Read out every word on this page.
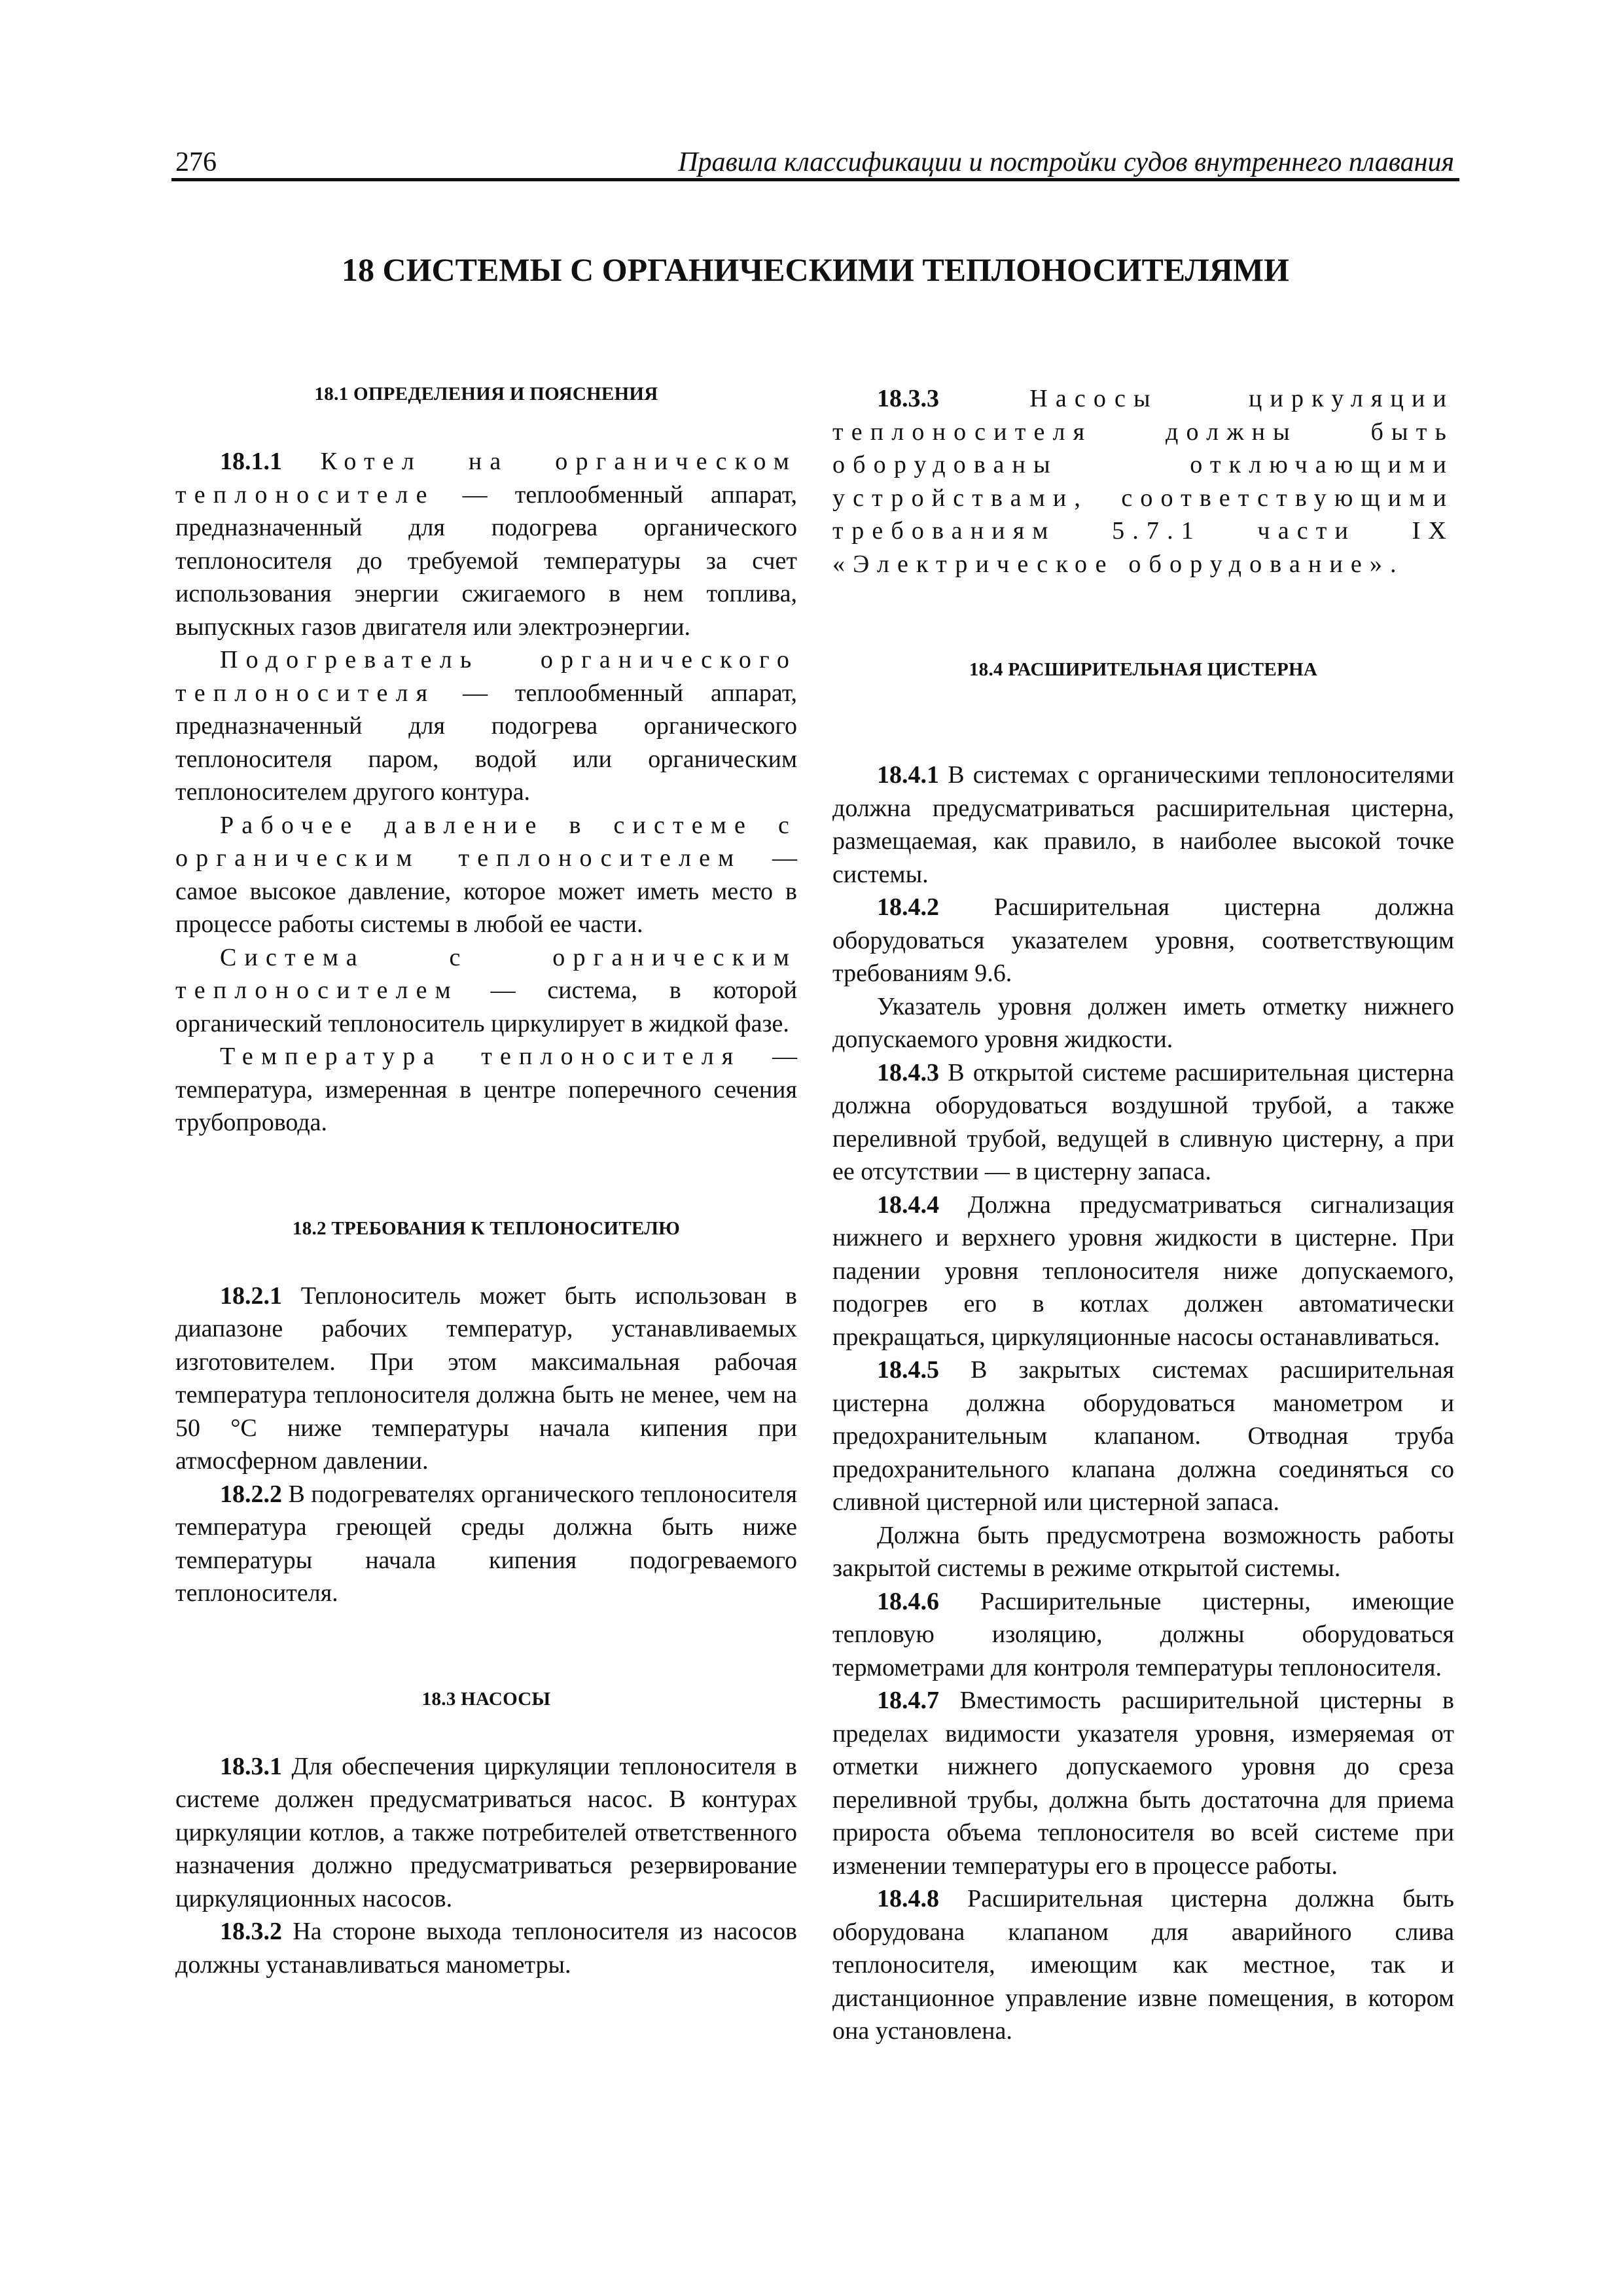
276	Правила классификации и постройки судов внутреннего плавания
18 СИСТЕМЫ С ОРГАНИЧЕСКИМИ ТЕПЛОНОСИТЕЛЯМИ
18.1 ОПРЕДЕЛЕНИЯ И ПОЯСНЕНИЯ

18.1.1 Котел на органическом теплоносителе — теплообменный аппарат, предназначенный для подогрева органического теплоносителя до требуемой температуры за счет использования энергии сжигаемого в нем топлива, выпускных газов двигателя или электроэнергии.

Подогреватель органического теплоносителя — теплообменный аппарат, предназначенный для подогрева органического теплоносителя паром, водой или органическим теплоносителем другого контура.

Рабочее давление в системе с органическим теплоносителем — самое высокое давление, которое может иметь место в процессе работы системы в любой ее части.

Система с органическим теплоносителем — система, в которой органический теплоноситель циркулирует в жидкой фазе.

Температура теплоносителя — температура, измеренная в центре поперечного сечения трубопровода.

18.2 ТРЕБОВАНИЯ К ТЕПЛОНОСИТЕЛЮ

18.2.1 Теплоноситель может быть использован в диапазоне рабочих температур, устанавливаемых изготовителем. При этом максимальная рабочая температура теплоносителя должна быть не менее, чем на 50 °С ниже температуры начала кипения при атмосферном давлении.

18.2.2 В подогревателях органического теплоносителя температура греющей среды должна быть ниже температуры начала кипения подогреваемого теплоносителя.

18.3 НАСОСЫ

18.3.1 Для обеспечения циркуляции теплоносителя в системе должен предусматриваться насос. В контурах циркуляции котлов, а также потребителей ответственного назначения должно предусматриваться резервирование циркуляционных насосов.

18.3.2 На стороне выхода теплоносителя из насосов должны устанавливаться манометры.

18.3.3 Насосы циркуляции теплоносителя должны быть оборудованы отключающими устройствами, соответствующими требованиям 5.7.1 части IX «Электрическое оборудование».

18.4 РАСШИРИТЕЛЬНАЯ ЦИСТЕРНА

18.4.1 В системах с органическими теплоносителями должна предусматриваться расширительная цистерна, размещаемая, как правило, в наиболее высокой точке системы.

18.4.2 Расширительная цистерна должна оборудоваться указателем уровня, соответствующим требованиям 9.6.

Указатель уровня должен иметь отметку нижнего допускаемого уровня жидкости.

18.4.3 В открытой системе расширительная цистерна должна оборудоваться воздушной трубой, а также переливной трубой, ведущей в сливную цистерну, а при ее отсутствии — в цистерну запаса.

18.4.4 Должна предусматриваться сигнализация нижнего и верхнего уровня жидкости в цистерне. При падении уровня теплоносителя ниже допускаемого, подогрев его в котлах должен автоматически прекращаться, циркуляционные насосы останавливаться.

18.4.5 В закрытых системах расширительная цистерна должна оборудоваться манометром и предохранительным клапаном. Отводная труба предохранительного клапана должна соединяться со сливной цистерной или цистерной запаса.

Должна быть предусмотрена возможность работы закрытой системы в режиме открытой системы.

18.4.6 Расширительные цистерны, имеющие тепловую изоляцию, должны оборудоваться термометрами для контроля температуры теплоносителя.

18.4.7 Вместимость расширительной цистерны в пределах видимости указателя уровня, измеряемая от отметки нижнего допускаемого уровня до среза переливной трубы, должна быть достаточна для приема прироста объема теплоносителя во всей системе при изменении температуры его в процессе работы.

18.4.8 Расширительная цистерна должна быть оборудована клапаном для аварийного слива теплоносителя, имеющим как местное, так и дистанционное управление извне помещения, в котором она установлена.
